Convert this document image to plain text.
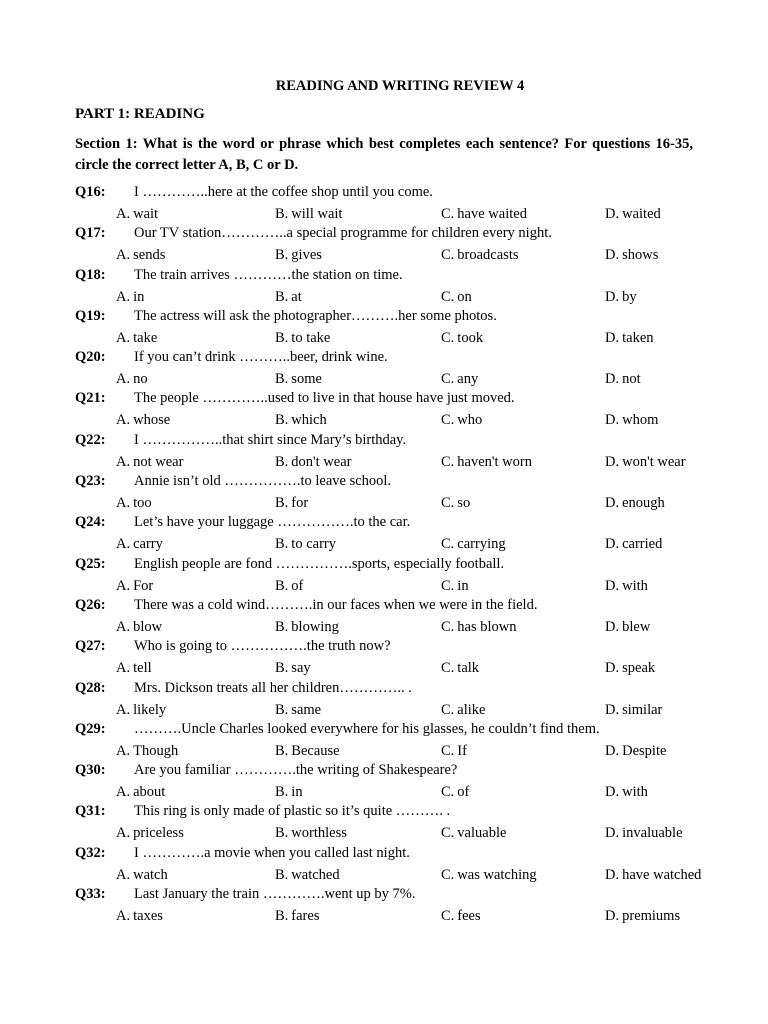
READING AND WRITING REVIEW 4
PART 1: READING
Section 1: What is the word or phrase which best completes each sentence? For questions 16-35, circle the correct letter A, B, C or D.
Q16: I …………..here at the coffee shop until you come.
A. wait	B. will wait	C. have waited	D. waited
Q17: Our TV station…………..a special programme for children every night.
A. sends	B. gives	C. broadcasts	D. shows
Q18: The train arrives …………the station on time.
A. in	B. at	C. on	D. by
Q19: The actress will ask the photographer……….her some photos.
A. take	B. to take	C. took	D. taken
Q20: If you can’t drink ………..beer, drink wine.
A. no	B. some	C. any	D. not
Q21: The people …………..used to live in that house have just moved.
A. whose	B. which	C. who	D. whom
Q22: I ……………..that shirt since Mary’s birthday.
A. not wear	B. don't wear	C. haven't worn	D. won't wear
Q23: Annie isn’t old …………….to leave school.
A. too	B. for	C. so	D. enough
Q24: Let’s have your luggage …………….to the car.
A. carry	B. to carry	C. carrying	D. carried
Q25: English people are fond …………….sports, especially football.
A. For	B. of	C. in	D. with
Q26: There was a cold wind……….in our faces when we were in the field.
A. blow	B. blowing	C. has blown	D. blew
Q27: Who is going to …………….the truth now?
A. tell	B. say	C. talk	D. speak
Q28: Mrs. Dickson treats all her children………….. .
A. likely	B. same	C. alike	D. similar
Q29: ……….Uncle Charles looked everywhere for his glasses, he couldn’t find them.
A. Though	B. Because	C. If	D. Despite
Q30: Are you familiar ………….the writing of Shakespeare?
A. about	B. in	C. of	D. with
Q31: This ring is only made of plastic so it’s quite ………. .
A. priceless	B. worthless	C. valuable	D. invaluable
Q32: I ………….a movie when you called last night.
A. watch	B. watched	C. was watching	D. have watched
Q33: Last January the train ………….went up by 7%.
A. taxes	B. fares	C. fees	D. premiums
